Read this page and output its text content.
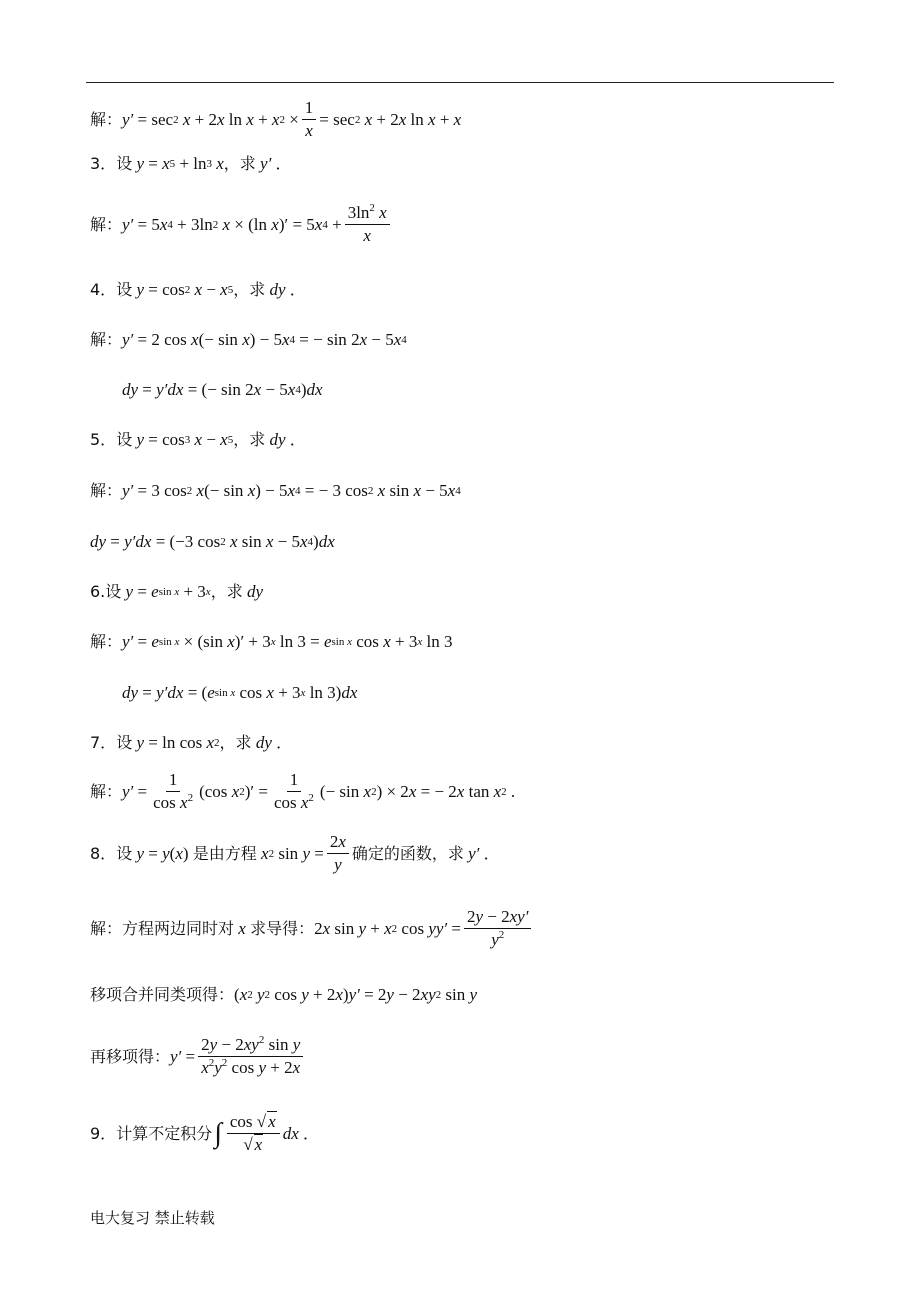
解： y′ = sec 2
x + 2 x
ln
x + x $2 \times \frac{1}{x} = \sec 2$
x + 2 x
ln
x + x
3． 设
y = x 5 + ln 3
x ，求
y′
．
解： y′ = 5 x 4 + 3 ln 2
x × ( ln
x )′ = 5 x $4 + \frac{3\ln^2 x}{x}$
4． 设
y = cos 2
x − x 5 ，求
dy
．
解： y′ = 2 cos
x (− sin
x ) − 5 x 4 = − sin 2 x − 5 x 4
dy = y′dx = (− sin 2 x − 5 x 4 ) dx
5． 设
y = cos 3
x − x 5 ，求
dy
．
解： y′ = 3 cos 2
x (− sin
x ) − 5 x 4 = − 3 cos 2
x
sin
x − 5 x 4
dy = y′dx = (−3 cos 2
x
sin
x − 5 x 4 ) dx
6. 设
y = e sin x + 3 x ，求
dy
解： y′ = e sin x × ( sin
x )′ + 3 x
ln 3 = e sin x
cos
x + 3 x
ln 3
dy = y′dx = ( e sin x
cos
x + 3 x
ln 3) dx
7． 设
y = ln
cos
x 2 ，求
dy
．
解： $y' = \frac{1}{\cos x^2}$ ( cos
x 2 )′ = $\frac{1}{\cos x^2}$ (− sin
x 2 ) × 2 x = − 2 x
tan
x 2 .
8． 设
y = y ( x ) 是由方程
x 2
sin
$y = \frac{2x}{y}$ 确定的函数，求
y′
．
解：方程两边同时对
x
求导得： 2 x
sin
y + x 2
cos
$yy' = \frac{2y - 2xy'}{y^2}$
移项合并同类项得： ( x 2
y 2
cos
y + 2 x ) y′ = 2 y − 2 xy 2
sin
y
再移项得： $y' = \frac{2y - 2xy^2 \sin y}{x^2y^2 \cos y + 2x}$
9． 计算不定积分 ∫ $\frac{\cos √ x}{√ x}$ dx
．
电大复习 禁止转载
